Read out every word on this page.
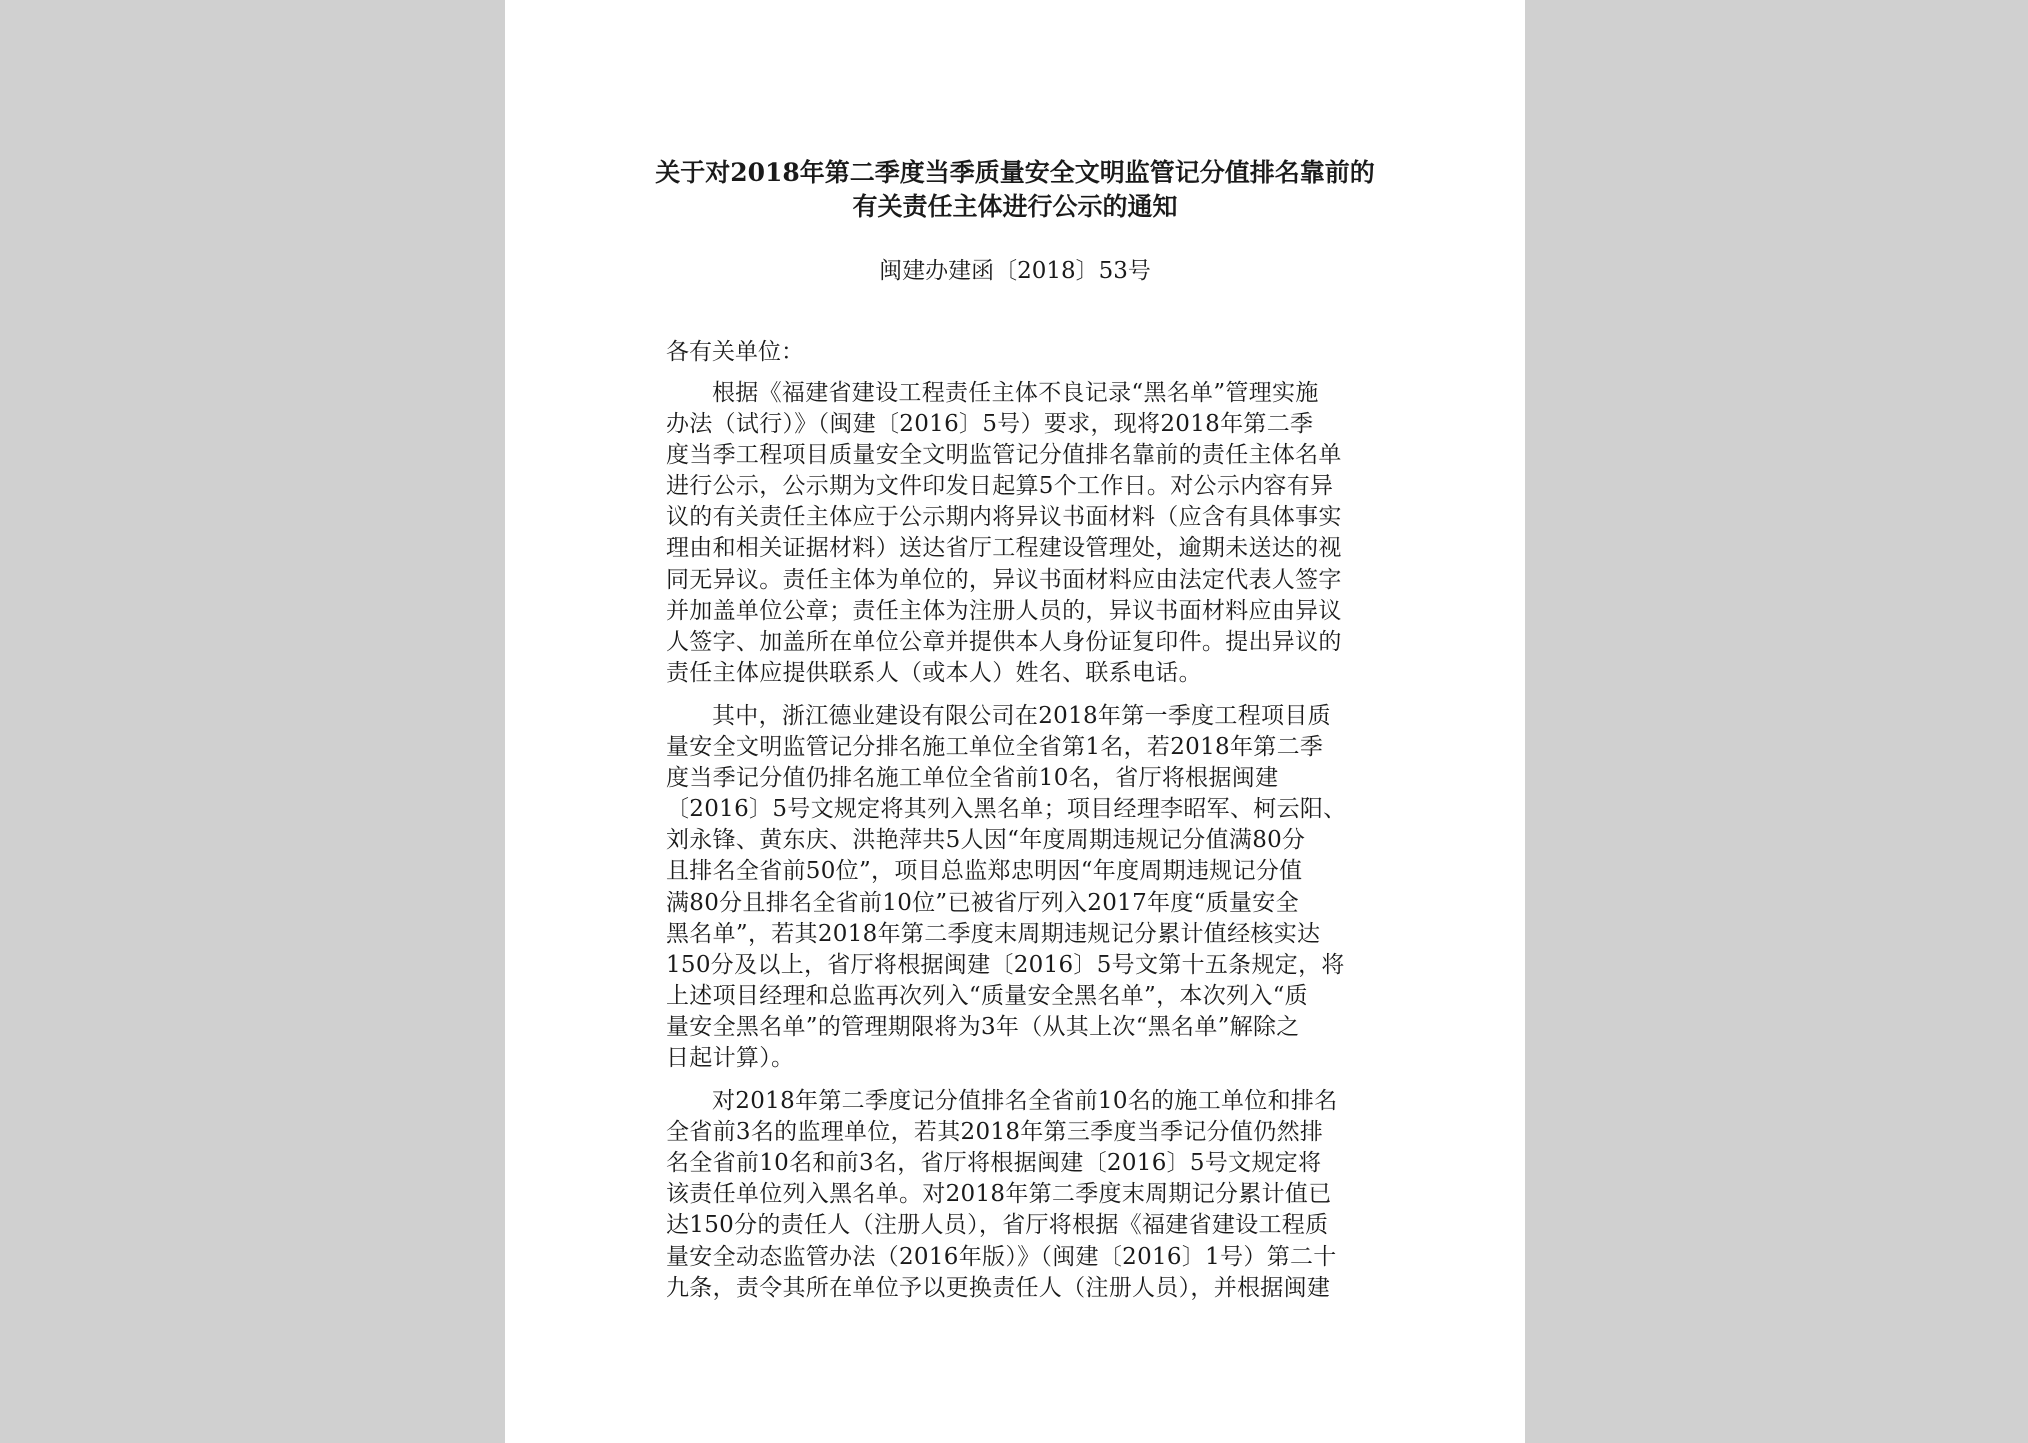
关于对2018年第二季度当季质量安全文明监管记分值排名靠前的
有关责任主体进行公示的通知
闽建办建函〔2018〕53号
各有关单位：
根据《福建省建设工程责任主体不良记录“黑名单”管理实施
办法（试行）》（闽建〔2016〕5号）要求，现将2018年第二季
度当季工程项目质量安全文明监管记分值排名靠前的责任主体名单
进行公示，公示期为文件印发日起算5个工作日。对公示内容有异
议的有关责任主体应于公示期内将异议书面材料（应含有具体事实
理由和相关证据材料）送达省厅工程建设管理处，逾期未送达的视
同无异议。责任主体为单位的，异议书面材料应由法定代表人签字
并加盖单位公章；责任主体为注册人员的，异议书面材料应由异议
人签字、加盖所在单位公章并提供本人身份证复印件。提出异议的
责任主体应提供联系人（或本人）姓名、联系电话。
其中，浙江德业建设有限公司在2018年第一季度工程项目质
量安全文明监管记分排名施工单位全省第1名，若2018年第二季
度当季记分值仍排名施工单位全省前10名，省厅将根据闽建
〔2016〕5号文规定将其列入黑名单；项目经理李昭军、柯云阳、
刘永锋、黄东庆、洪艳萍共5人因“年度周期违规记分值满80分
且排名全省前50位”，项目总监郑忠明因“年度周期违规记分值
满80分且排名全省前10位”已被省厅列入2017年度“质量安全
黑名单”，若其2018年第二季度末周期违规记分累计值经核实达
150分及以上，省厅将根据闽建〔2016〕5号文第十五条规定，将
上述项目经理和总监再次列入“质量安全黑名单”，本次列入“质
量安全黑名单”的管理期限将为3年（从其上次“黑名单”解除之
日起计算）。
对2018年第二季度记分值排名全省前10名的施工单位和排名
全省前3名的监理单位，若其2018年第三季度当季记分值仍然排
名全省前10名和前3名，省厅将根据闽建〔2016〕5号文规定将
该责任单位列入黑名单。对2018年第二季度末周期记分累计值已
达150分的责任人（注册人员），省厅将根据《福建省建设工程质
量安全动态监管办法（2016年版）》（闽建〔2016〕1号）第二十
九条，责令其所在单位予以更换责任人（注册人员），并根据闽建
